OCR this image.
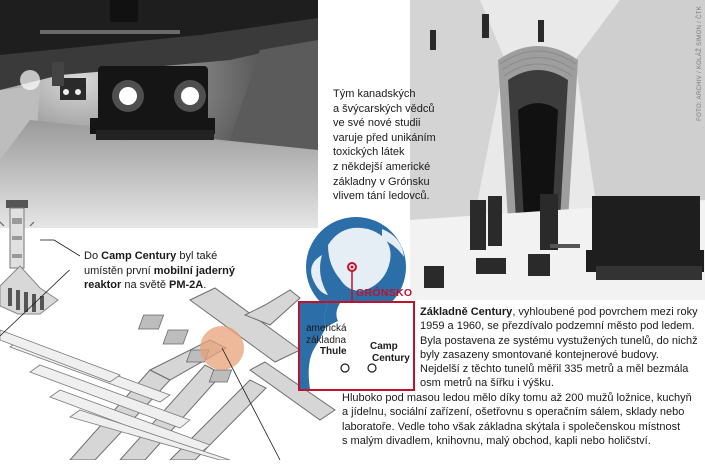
FOTO: ARCHIV / KOLÁŽ SIMON / ČTK
Tým kanadských
a švýcarských vědců
ve své nové studii
varuje před unikáním
toxických látek
z někdejší americké
základny v Grónsku
vlivem tání ledovců.
Do Camp Century byl také umístěn první mobilní jaderný reaktor na světě PM-2A.
GRÓNSKO
americká
základna
Thule Camp
Century
Základně Century, vyhloubené pod povrchem mezi roky
1959 a 1960, se přezdívalo podzemní město pod ledem.
Byla postavena ze systému vystužených tunelů, do nichž
byly zasazeny smontované kontejnerové budovy.
Nejdelší z těchto tunelů měřil 335 metrů a měl bezmála
osm metrů na šířku i výšku.
Hluboko pod masou ledou mělo díky tomu až 200 mužů ložnice, kuchyň
a jídelnu, sociální zařízení, ošetřovnu s operačním sálem, sklady nebo
laboratoře. Vedle toho však základna skýtala i společenskou místnost
s malým divadlem, knihovnu, malý obchod, kapli nebo holičství.
